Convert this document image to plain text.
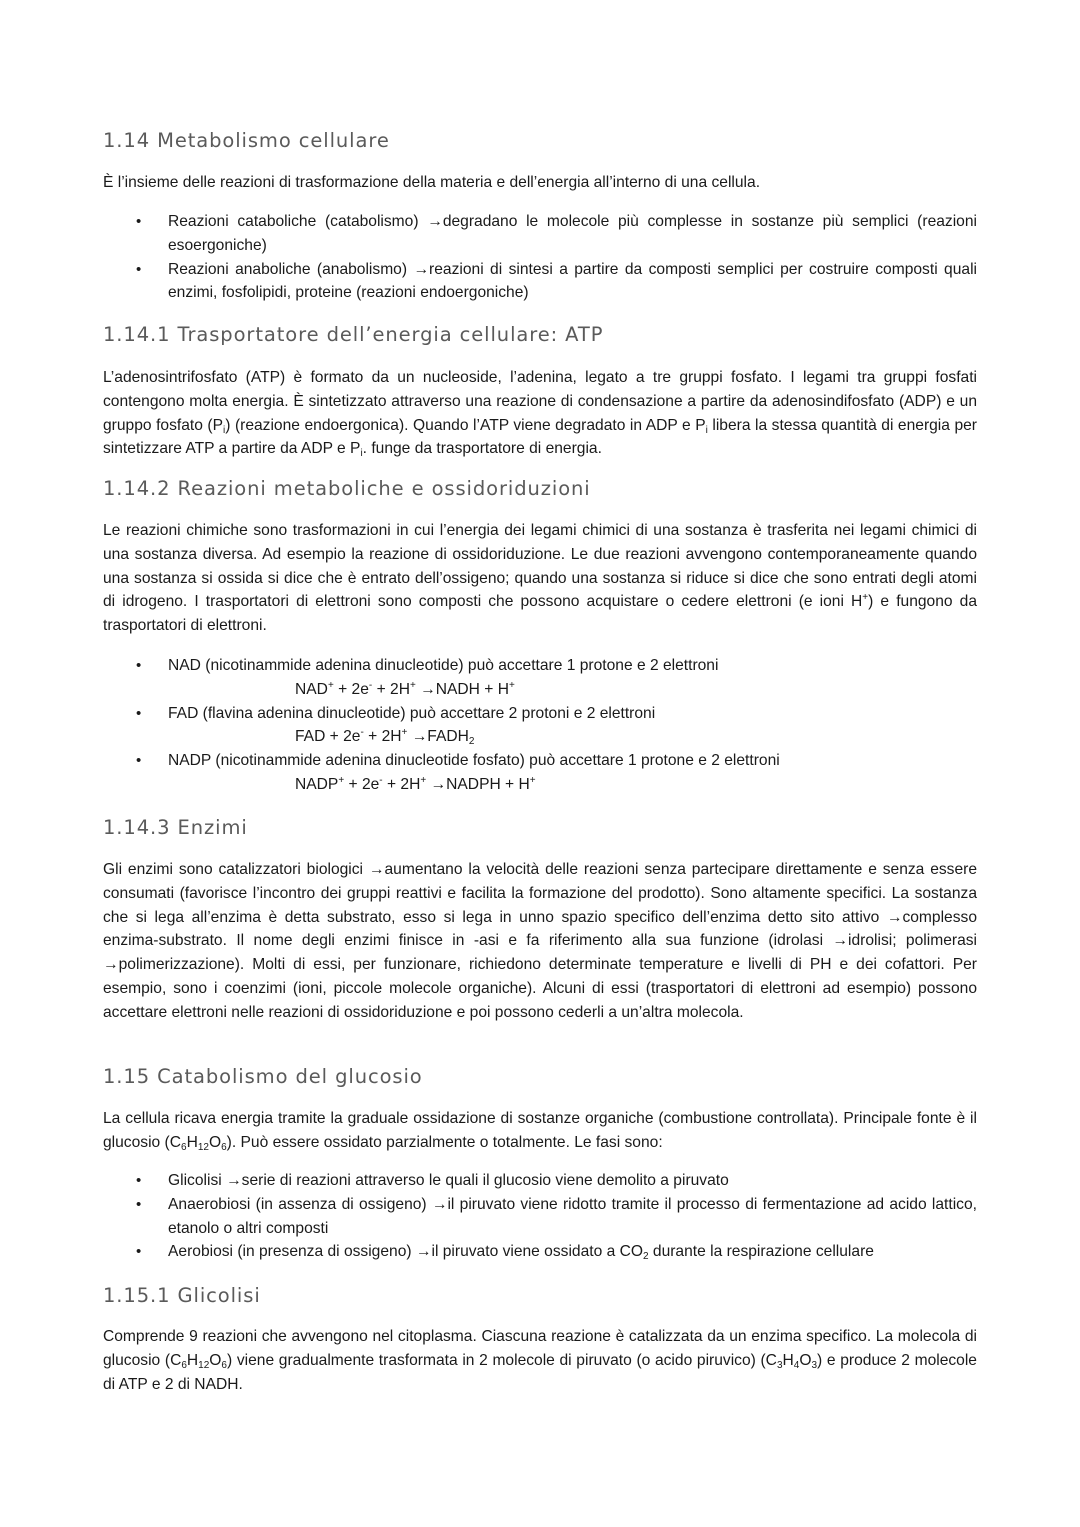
1.14 Metabolismo cellulare

È l’insieme delle reazioni di trasformazione della materia e dell’energia all’interno di una cellula.

• Reazioni cataboliche (catabolismo) →degradano le molecole più complesse in sostanze più semplici (reazioni esoergoniche)
• Reazioni anaboliche (anabolismo) →reazioni di sintesi a partire da composti semplici per costruire composti quali enzimi, fosfolipidi, proteine (reazioni endoergoniche)
1.14.1 Trasportatore dell’energia cellulare: ATP

L’adenosintrifosfato (ATP) è formato da un nucleoside, l’adenina, legato a tre gruppi fosfato. I legami tra gruppi fosfati contengono molta energia. È sintetizzato attraverso una reazione di condensazione a partire da adenosindifosfato (ADP) e un gruppo fosfato $(P_i)$ (reazione endoergonica). Quando l’ATP viene degradato in ADP e $P_i$ libera la stessa quantità di energia per sintetizzare ATP a partire da ADP e $P_i$. funge da trasportatore di energia.

1.14.2 Reazioni metaboliche e ossidoriduzioni

Le reazioni chimiche sono trasformazioni in cui l’energia dei legami chimici di una sostanza è trasferita nei legami chimici di una sostanza diversa. Ad esempio la reazione di ossidoriduzione. Le due reazioni avvengono contemporaneamente quando una sostanza si ossida si dice che è entrato dell’ossigeno; quando una sostanza si riduce si dice che sono entrati degli atomi di idrogeno. I trasportatori di elettroni sono composti che possono acquistare o cedere elettroni (e ioni H+) e fungono da trasportatori di elettroni.

• NAD (nicotinammide adenina dinucleotide) può accettare 1 protone e 2 elettroni
NAD+ + 2e- + 2H+ →NADH + H+
• FAD (flavina adenina dinucleotide) può accettare 2 protoni e 2 elettroni
FAD + $2e^- + 2H^+ \to FADH_2$
• NADP (nicotinammide adenina dinucleotide fosfato) può accettare 1 protone e 2 elettroni
NADP+ + 2e- + 2H+ →NADPH + H+
1.14.3 Enzimi

Gli enzimi sono catalizzatori biologici →aumentano la velocità delle reazioni senza partecipare direttamente e senza essere consumati (favorisce l’incontro dei gruppi reattivi e facilita la formazione del prodotto). Sono altamente specifici. La sostanza che si lega all’enzima è detta substrato, esso si lega in unno spazio specifico dell’enzima detto sito attivo →complesso enzima-substrato. Il nome degli enzimi finisce in -asi e fa riferimento alla sua funzione (idrolasi →idrolisi; polimerasi →polimerizzazione). Molti di essi, per funzionare, richiedono determinate temperature e livelli di PH e dei cofattori. Per esempio, sono i coenzimi (ioni, piccole molecole organiche). Alcuni di essi (trasportatori di elettroni ad esempio) possono accettare elettroni nelle reazioni di ossidoriduzione e poi possono cederli a un’altra molecola.

1.15 Catabolismo del glucosio

La cellula ricava energia tramite la graduale ossidazione di sostanze organiche (combustione controllata). Principale fonte è il glucosio $(C_6H_{12}O_6)$. Può essere ossidato parzialmente o totalmente. Le fasi sono:

• Glicolisi →serie di reazioni attraverso le quali il glucosio viene demolito a piruvato
• Anaerobiosi (in assenza di ossigeno) →il piruvato viene ridotto tramite il processo di fermentazione ad acido lattico, etanolo o altri composti
• Aerobiosi (in presenza di ossigeno) →il piruvato viene ossidato a $CO_2$ durante la respirazione cellulare
1.15.1 Glicolisi

Comprende 9 reazioni che avvengono nel citoplasma. Ciascuna reazione è catalizzata da un enzima specifico. La molecola di glucosio $(C_6H_{12}O_6)$ viene gradualmente trasformata in 2 molecole di piruvato (o acido piruvico) $(C_3H_4O_3)$ e produce 2 molecole di ATP e 2 di NADH.
